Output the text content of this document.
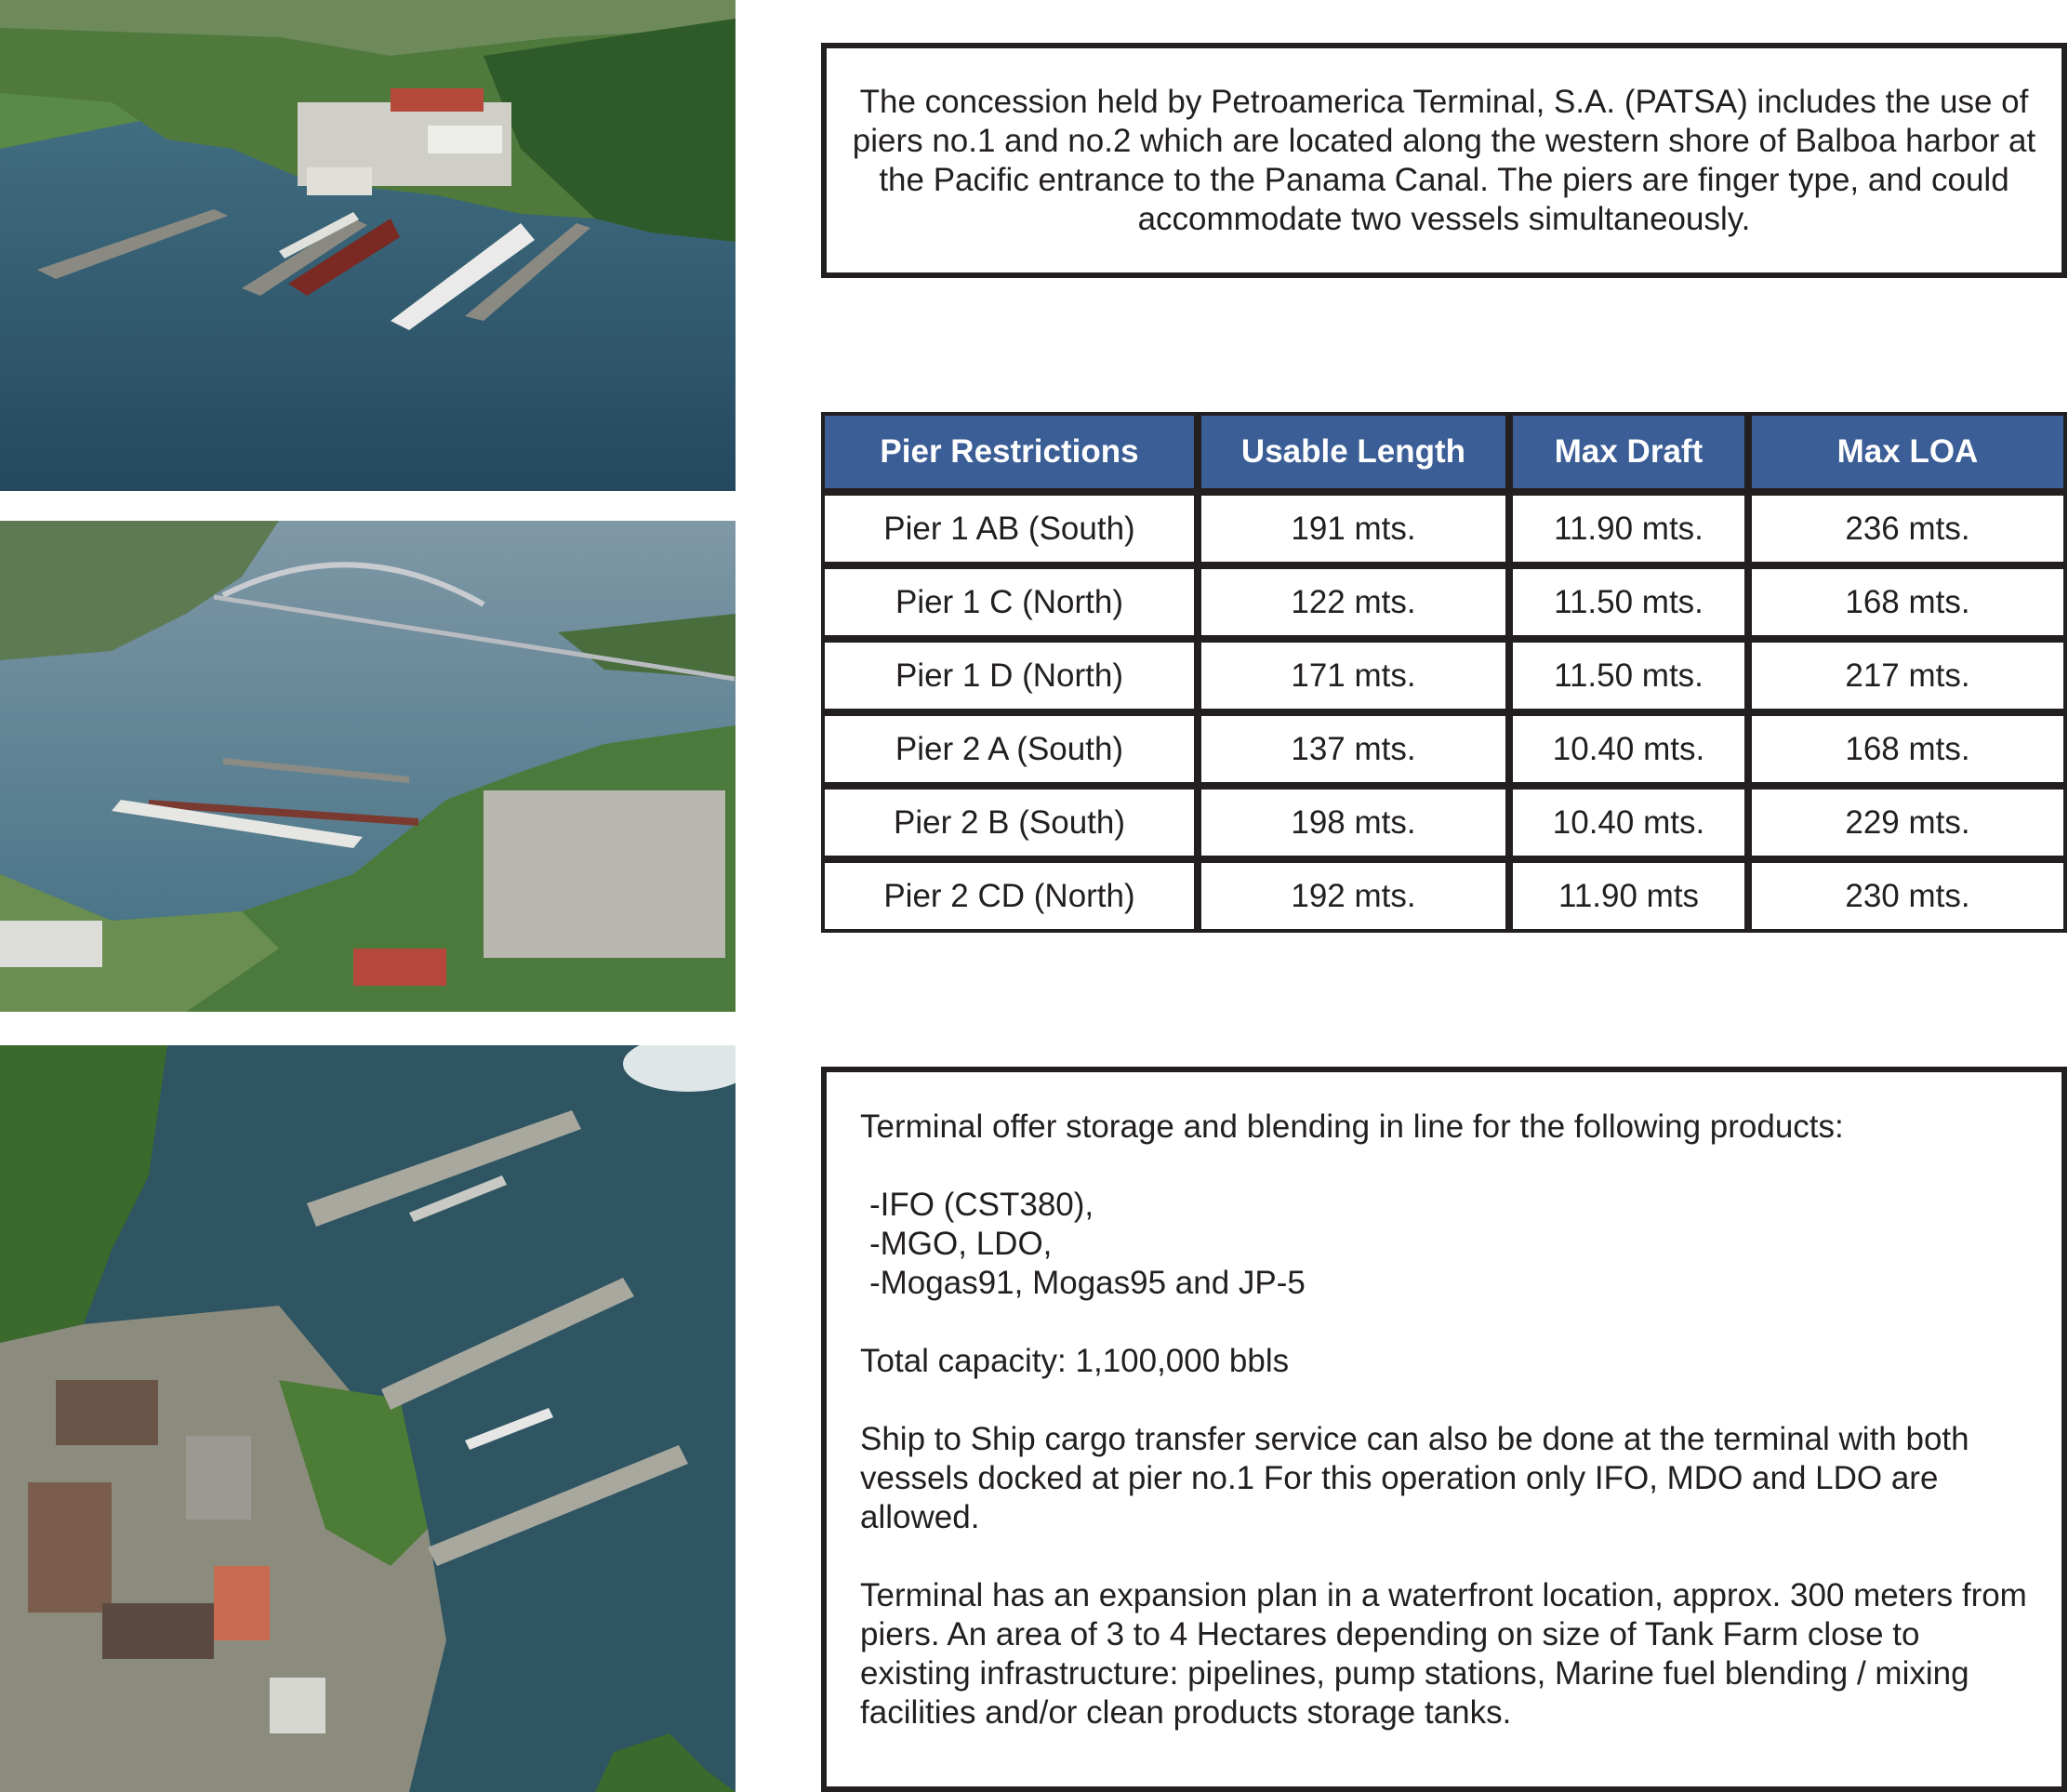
The concession held by Petroamerica Terminal, S.A. (PATSA) includes the use of piers no.1 and no.2 which are located along the western shore of Balboa harbor at the Pacific entrance to the Panama Canal. The piers are finger type, and could accommodate two vessels simultaneously.
Pier Restrictions	Usable Length	Max Draft	Max LOA
Pier 1 AB (South)	191 mts.	11.90 mts.	236 mts.
Pier 1 C (North)	122 mts.	11.50 mts.	168 mts.
Pier 1 D (North)	171 mts.	11.50 mts.	217 mts.
Pier 2 A (South)	137 mts.	10.40 mts.	168 mts.
Pier 2 B (South)	198 mts.	10.40 mts.	229 mts.
Pier 2 CD (North)	192 mts.	11.90 mts	230 mts.

Terminal offer storage and blending in line for the following products:

-IFO (CST380),

-MGO, LDO,

-Mogas91, Mogas95 and JP-5

Total capacity: 1,100,000 bbls

Ship to Ship cargo transfer service can also be done at the terminal with both vessels docked at pier no.1 For this operation only IFO, MDO and LDO are allowed.

Terminal has an expansion plan in a waterfront location, approx. 300 meters from piers. An area of 3 to 4 Hectares depending on size of Tank Farm close to existing infrastructure: pipelines, pump stations, Marine fuel blending / mixing facilities and/or clean products storage tanks.
